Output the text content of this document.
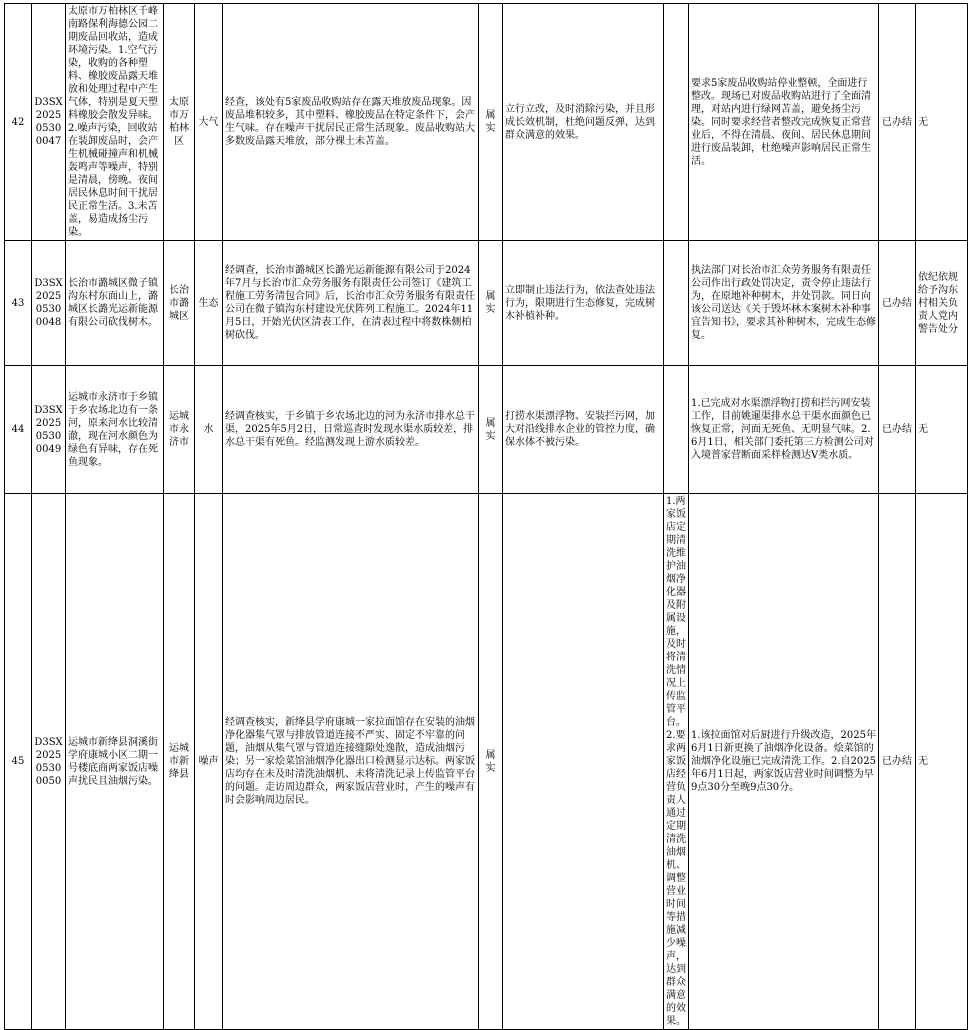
42	D3SX202505300047	太原市万柏林区千峰南路保利海德公园二期废品回收站，造成环境污染。1.空气污染，收购的各种塑料、橡胶废品露天堆放和处理过程中产生气体，特别是夏天塑料橡胶会散发异味。2.噪声污染，回收站在装卸废品时，会产生机械碰撞声和机械轰鸣声等噪声，特别是清晨，傍晚、夜间居民休息时间干扰居民正常生活。3.未苫盖，易造成扬尘污染。	太原市万柏林区	大气	经查，该处有5家废品收购站存在露天堆放废品现象。因废品堆积较多，其中塑料、橡胶废品在特定条件下，会产生气味。存在噪声干扰居民正常生活现象。废品收购站大多数废品露天堆放，部分裸土未苫盖。	属实	立行立改，及时消除污染，并且形成长效机制，杜绝问题反弹，达到群众满意的效果。		要求5家废品收购站停业整顿，全面进行整改。现场已对废品收购站进行了全面清理，对站内进行绿网苫盖，避免扬尘污染。同时要求经营者整改完成恢复正常营业后，不得在清晨、夜间、居民休息期间进行废品装卸，杜绝噪声影响居民正常生活。	已办结	无
43	D3SX202505300048	长治市潞城区微子镇沟东村东面山上，潞城区长潞光运新能源有限公司砍伐树木。	长治市潞城区	生态	经调查，长治市潞城区长潞光运新能源有限公司于2024年7月与长治市汇众劳务服务有限责任公司签订《建筑工程施工劳务清包合同》后，长治市汇众劳务服务有限责任公司在微子镇沟东村建设光伏阵列工程施工。2024年11月5日，开始光伏区清表工作，在清表过程中将数株侧柏树砍伐。	属实	立即制止违法行为，依法查处违法行为，限期进行生态修复，完成树木补植补种。		执法部门对长治市汇众劳务服务有限责任公司作出行政处罚决定，责令停止违法行为，在原地补种树木，并处罚款。同日向该公司送达《关于毁坏林木案树木补种事宜告知书》，要求其补种树木，完成生态修复。	已办结	依纪依规给予沟东村相关负责人党内警告处分
44	D3SX202505300049	运城市永济市于乡镇于乡农场北边有一条河，原来河水比较清澈，现在河水颜色为绿色有异味，存在死鱼现象。	运城市永济市	水	经调查核实，于乡镇于乡农场北边的河为永济市排水总干渠，2025年5月2日，日常巡查时发现水渠水质较差，排水总干渠有死鱼。经监测发现上游水质较差。	属实	打捞水渠漂浮物、安装拦污网，加大对沿线排水企业的管控力度，确保水体不被污染。		1.已完成对水渠漂浮物打捞和拦污网安装工作，目前姚暹渠排水总干渠水面颜色已恢复正常，河面无死鱼、无明显气味。2.6月1日，相关部门委托第三方检测公司对入境普家营断面采样检测达V类水质。	已办结	无
45	D3SX202505300050	运城市新绛县洞溪街学府康城小区二期一号楼底商两家饭店噪声扰民且油烟污染。	运城市新绛县	噪声	经调查核实，新绛县学府康城一家拉面馆存在安装的油烟净化器集气罩与排放管道连接不严实、固定不牢靠的问题，油烟从集气罩与管道连接缝隙处逸散，造成油烟污染；另一家烩菜馆油烟净化器出口检测显示达标。两家饭店均存在未及时清洗油烟机、未将清洗记录上传监管平台的问题。走访周边群众，两家饭店营业时，产生的噪声有时会影响周边居民。	属实		1.两家饭店定期清洗维护油烟净化器及附属设施，及时将清洗情况上传监管平台。2.要求两家饭店经营负责人通过定期清洗油烟机、调整营业时间等措施减少噪声，达到群众满意的效果。	1.该拉面馆对后厨进行升级改造，2025年6月1日新更换了油烟净化设备。烩菜馆的油烟净化设施已完成清洗工作。2.自2025年6月1日起，两家饭店营业时间调整为早9点30分至晚9点30分。	已办结	无
